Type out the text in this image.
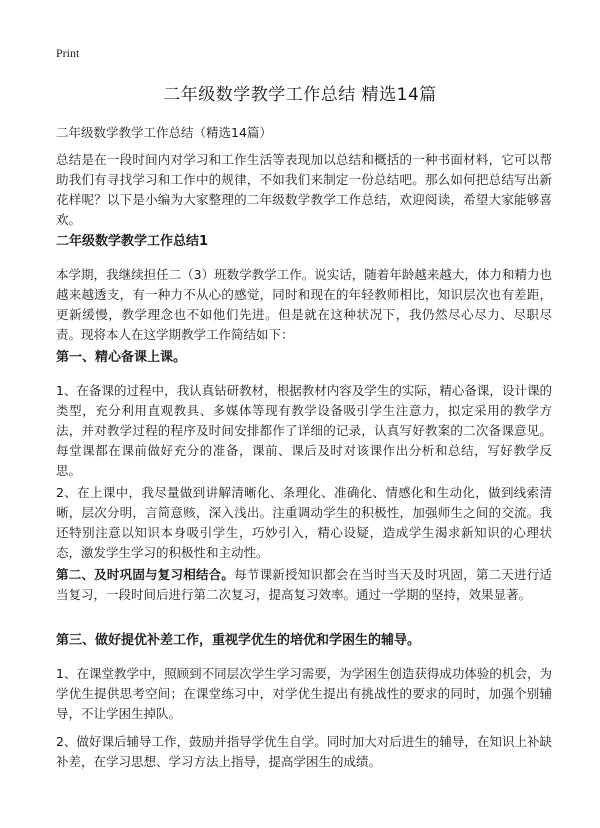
Print
二年级数学教学工作总结 精选14篇

二年级数学教学工作总结（精选14篇）

总结是在一段时间内对学习和工作生活等表现加以总结和概括的一种书面材料，它可以帮助我们有寻找学习和工作中的规律，不如我们来制定一份总结吧。那么如何把总结写出新花样呢？以下是小编为大家整理的二年级数学教学工作总结，欢迎阅读，希望大家能够喜欢。

二年级数学教学工作总结1

本学期，我继续担任二（3）班数学教学工作。说实话，随着年龄越来越大，体力和精力也越来越透支，有一种力不从心的感觉，同时和现在的年轻教师相比，知识层次也有差距，更新缓慢，教学理念也不如他们先进。但是就在这种状况下，我仍然尽心尽力、尽职尽责。现将本人在这学期教学工作简结如下：

第一、精心备课上课。

1、在备课的过程中，我认真钻研教材，根据教材内容及学生的实际，精心备课，设计课的类型，充分利用直观教具、多媒体等现有教学设备吸引学生注意力，拟定采用的教学方法，并对教学过程的程序及时间安排都作了详细的记录，认真写好教案的二次备课意见。每堂课都在课前做好充分的准备，课前、课后及时对该课作出分析和总结，写好教学反思。

2、在上课中，我尽量做到讲解清晰化、条理化、准确化、情感化和生动化，做到线索清晰，层次分明，言简意赅，深入浅出。注重调动学生的积极性，加强师生之间的交流。我还特别注意以知识本身吸引学生，巧妙引入，精心设疑，造成学生渴求新知识的心理状态，激发学生学习的积极性和主动性。

第二、及时巩固与复习相结合。每节课新授知识都会在当时当天及时巩固，第二天进行适当复习，一段时间后进行第二次复习，提高复习效率。通过一学期的坚持，效果显著。

第三、做好提优补差工作，重视学优生的培优和学困生的辅导。

1、在课堂教学中，照顾到不同层次学生学习需要，为学困生创造获得成功体验的机会，为学优生提供思考空间；在课堂练习中，对学优生提出有挑战性的要求的同时，加强个别辅导，不让学困生掉队。

2、做好课后辅导工作，鼓励并指导学优生自学。同时加大对后进生的辅导，在知识上补缺补差，在学习思想、学习方法上指导，提高学困生的成绩。
